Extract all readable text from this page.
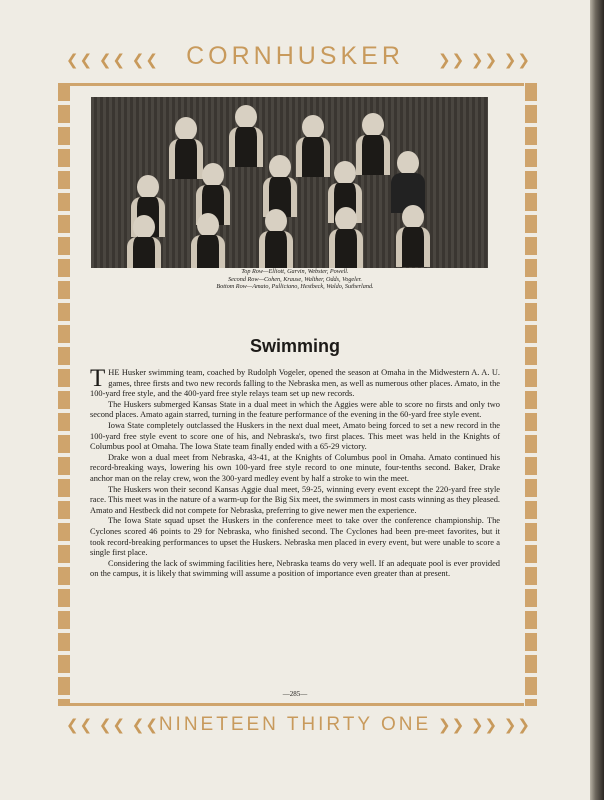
❮❮ ❮❮ ❮❮	CORNHUSKER	❯❯ ❯❯ ❯❯
Top Row—Elliott, Garvin, Webster, Powell.
Second Row—Cohen, Krause, Walther, Odds, Vogeler.
Bottom Row—Amato, Pulliciano, Hestbeck, Waldo, Sutherland.
Swimming

THE Husker swimming team, coached by Rudolph Vogeler, opened the season at Omaha in the Midwestern A. A. U. games, three firsts and two new records falling to the Nebraska men, as well as numerous other places. Amato, in the 100-yard free style, and the 400-yard free style relays team set up new records.

The Huskers submerged Kansas State in a dual meet in which the Aggies were able to score no firsts and only two second places. Amato again starred, turning in the feature performance of the evening in the 60-yard free style event.

Iowa State completely outclassed the Huskers in the next dual meet, Amato being forced to set a new record in the 100-yard free style event to score one of his, and Nebraska's, two first places. This meet was held in the Knights of Columbus pool at Omaha. The Iowa State team finally ended with a 65-29 victory.

Drake won a dual meet from Nebraska, 43-41, at the Knights of Columbus pool in Omaha. Amato continued his record-breaking ways, lowering his own 100-yard free style record to one minute, four-tenths second. Baker, Drake anchor man on the relay crew, won the 300-yard medley event by half a stroke to win the meet.

The Huskers won their second Kansas Aggie dual meet, 59-25, winning every event except the 220-yard free style race. This meet was in the nature of a warm-up for the Big Six meet, the swimmers in most casts winning as they pleased. Amato and Hestbeck did not compete for Nebraska, preferring to give newer men the experience.

The Iowa State squad upset the Huskers in the conference meet to take over the conference championship. The Cyclones scored 46 points to 29 for Nebraska, who finished second. The Cyclones had been pre-meet favorites, but it took record-breaking performances to upset the Huskers. Nebraska men placed in every event, but were unable to score a single first place.

Considering the lack of swimming facilities here, Nebraska teams do very well. If an adequate pool is ever provided on the campus, it is likely that swimming will assume a position of importance even greater than at present.

—285—
❮❮ ❮❮ ❮❮ NINETEEN THIRTY ONE ❯❯ ❯❯ ❯❯
